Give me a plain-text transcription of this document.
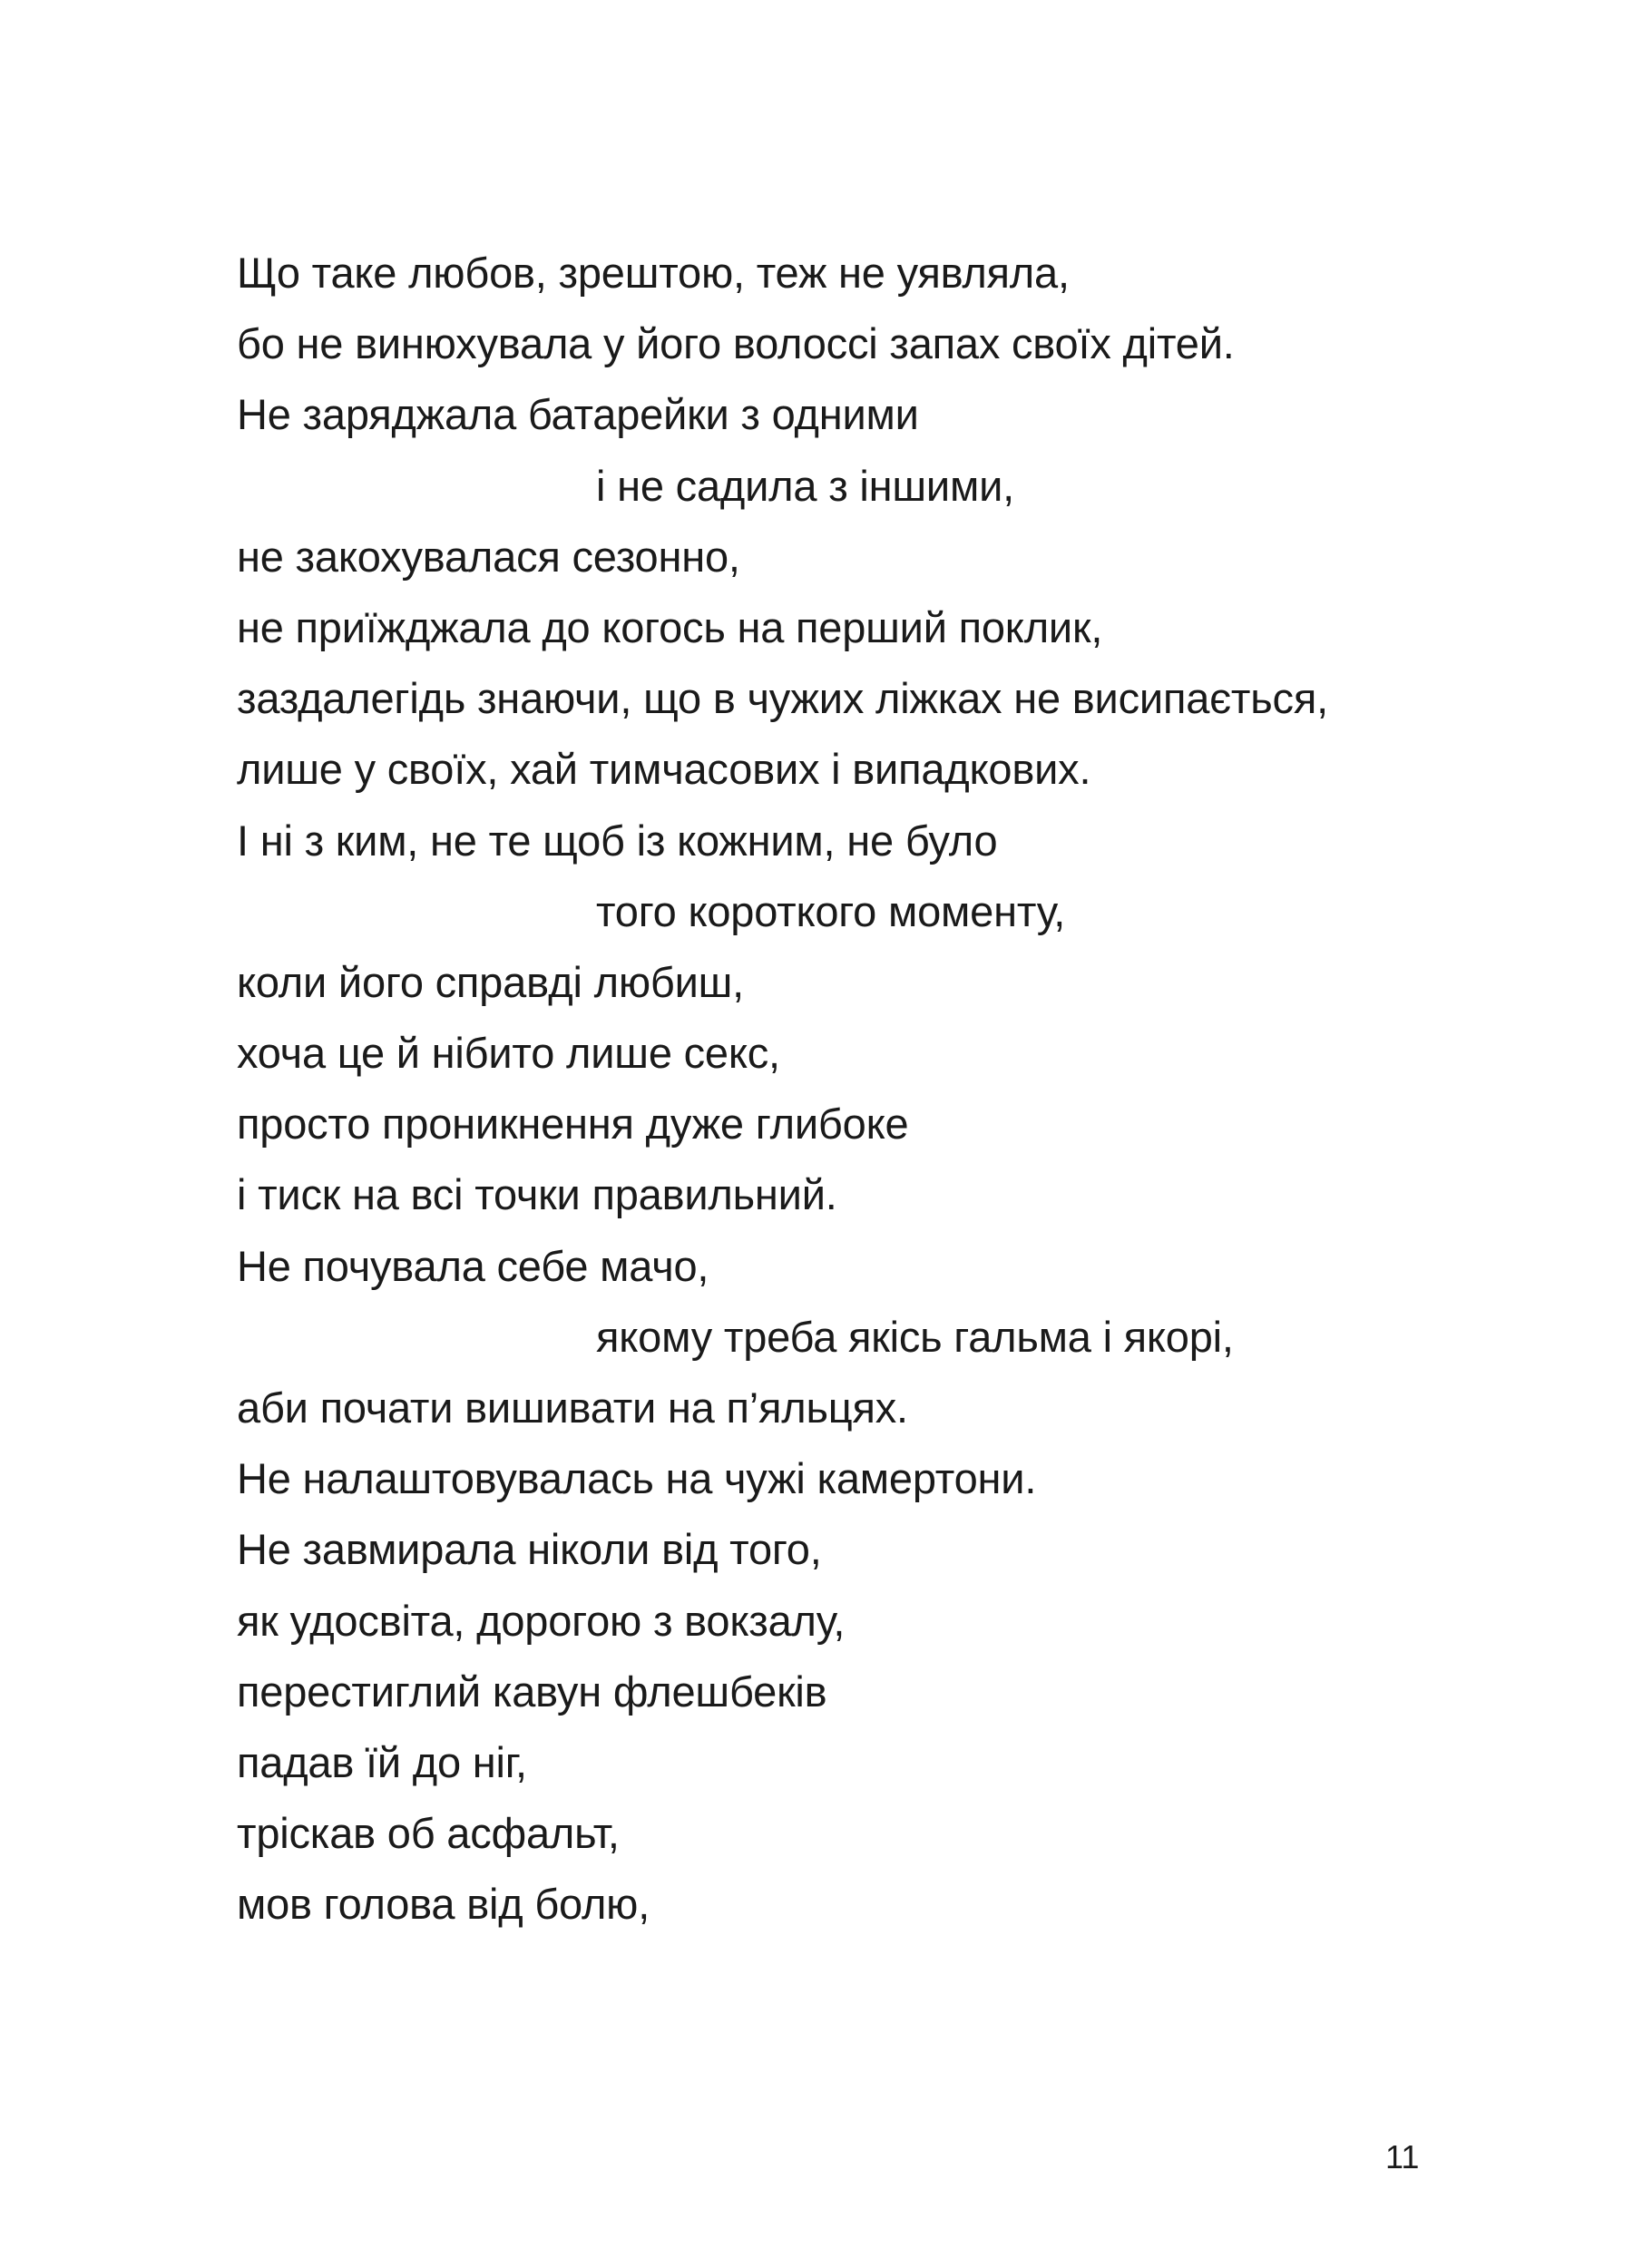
Що таке любов, зрештою, теж не уявляла,
бо не винюхувала у його волоссі запах своїх дітей.
Не заряджала батарейки з одними
і не садила з іншими,
не закохувалася сезонно,
не приїжджала до когось на перший поклик,
заздалегідь знаючи, що в чужих ліжках не висипається,
лише у своїх, хай тимчасових і випадкових.
І ні з ким, не те щоб із кожним, не було
того короткого моменту,
коли його справді любиш,
хоча це й нібито лише секс,
просто проникнення дуже глибоке
і тиск на всі точки правильний.
Не почувала себе мачо,
якому треба якісь гальма і якорі,
аби почати вишивати на п’яльцях.
Не налаштовувалась на чужі камертони.
Не завмирала ніколи від того,
як удосвіта, дорогою з вокзалу,
перестиглий кавун флешбеків
падав їй до ніг,
тріскав об асфальт,
мов голова від болю,
11
